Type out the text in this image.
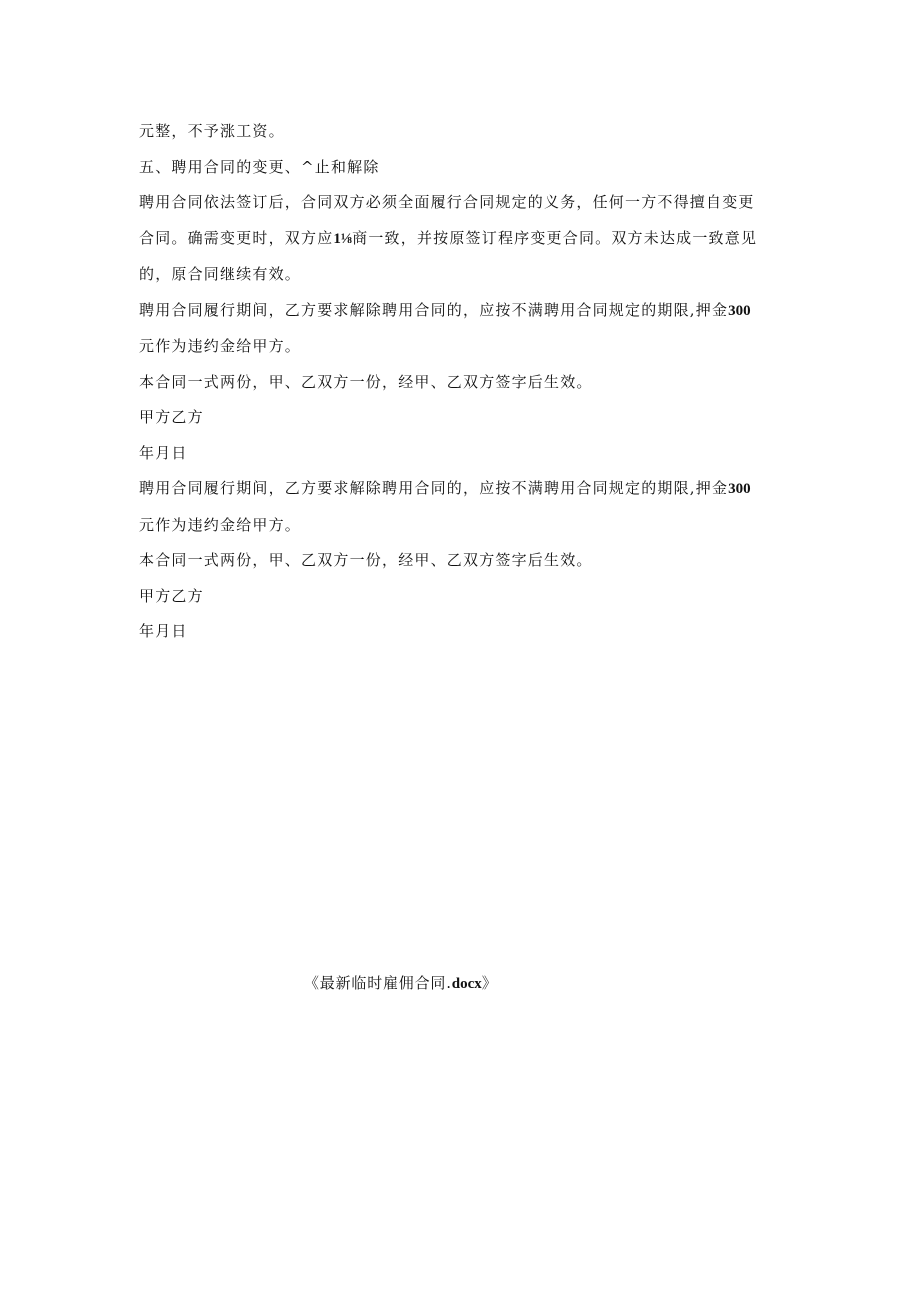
元整，不予涨工资。

五、聘用合同的变更、^止和解除

聘用合同依法签订后，合同双方必须全面履行合同规定的义务，任何一方不得擅自变更

合同。确需变更时，双方应1⅛商一致，并按原签订程序变更合同。双方未达成一致意见

的，原合同继续有效。

聘用合同履行期间，乙方要求解除聘用合同的，应按不满聘用合同规定的期限,押金300

元作为违约金给甲方。

本合同一式两份，甲、乙双方一份，经甲、乙双方签字后生效。

甲方乙方

年月日

聘用合同履行期间，乙方要求解除聘用合同的，应按不满聘用合同规定的期限,押金300

元作为违约金给甲方。

本合同一式两份，甲、乙双方一份，经甲、乙双方签字后生效。

甲方乙方

年月日

《最新临时雇佣合同.docx》
